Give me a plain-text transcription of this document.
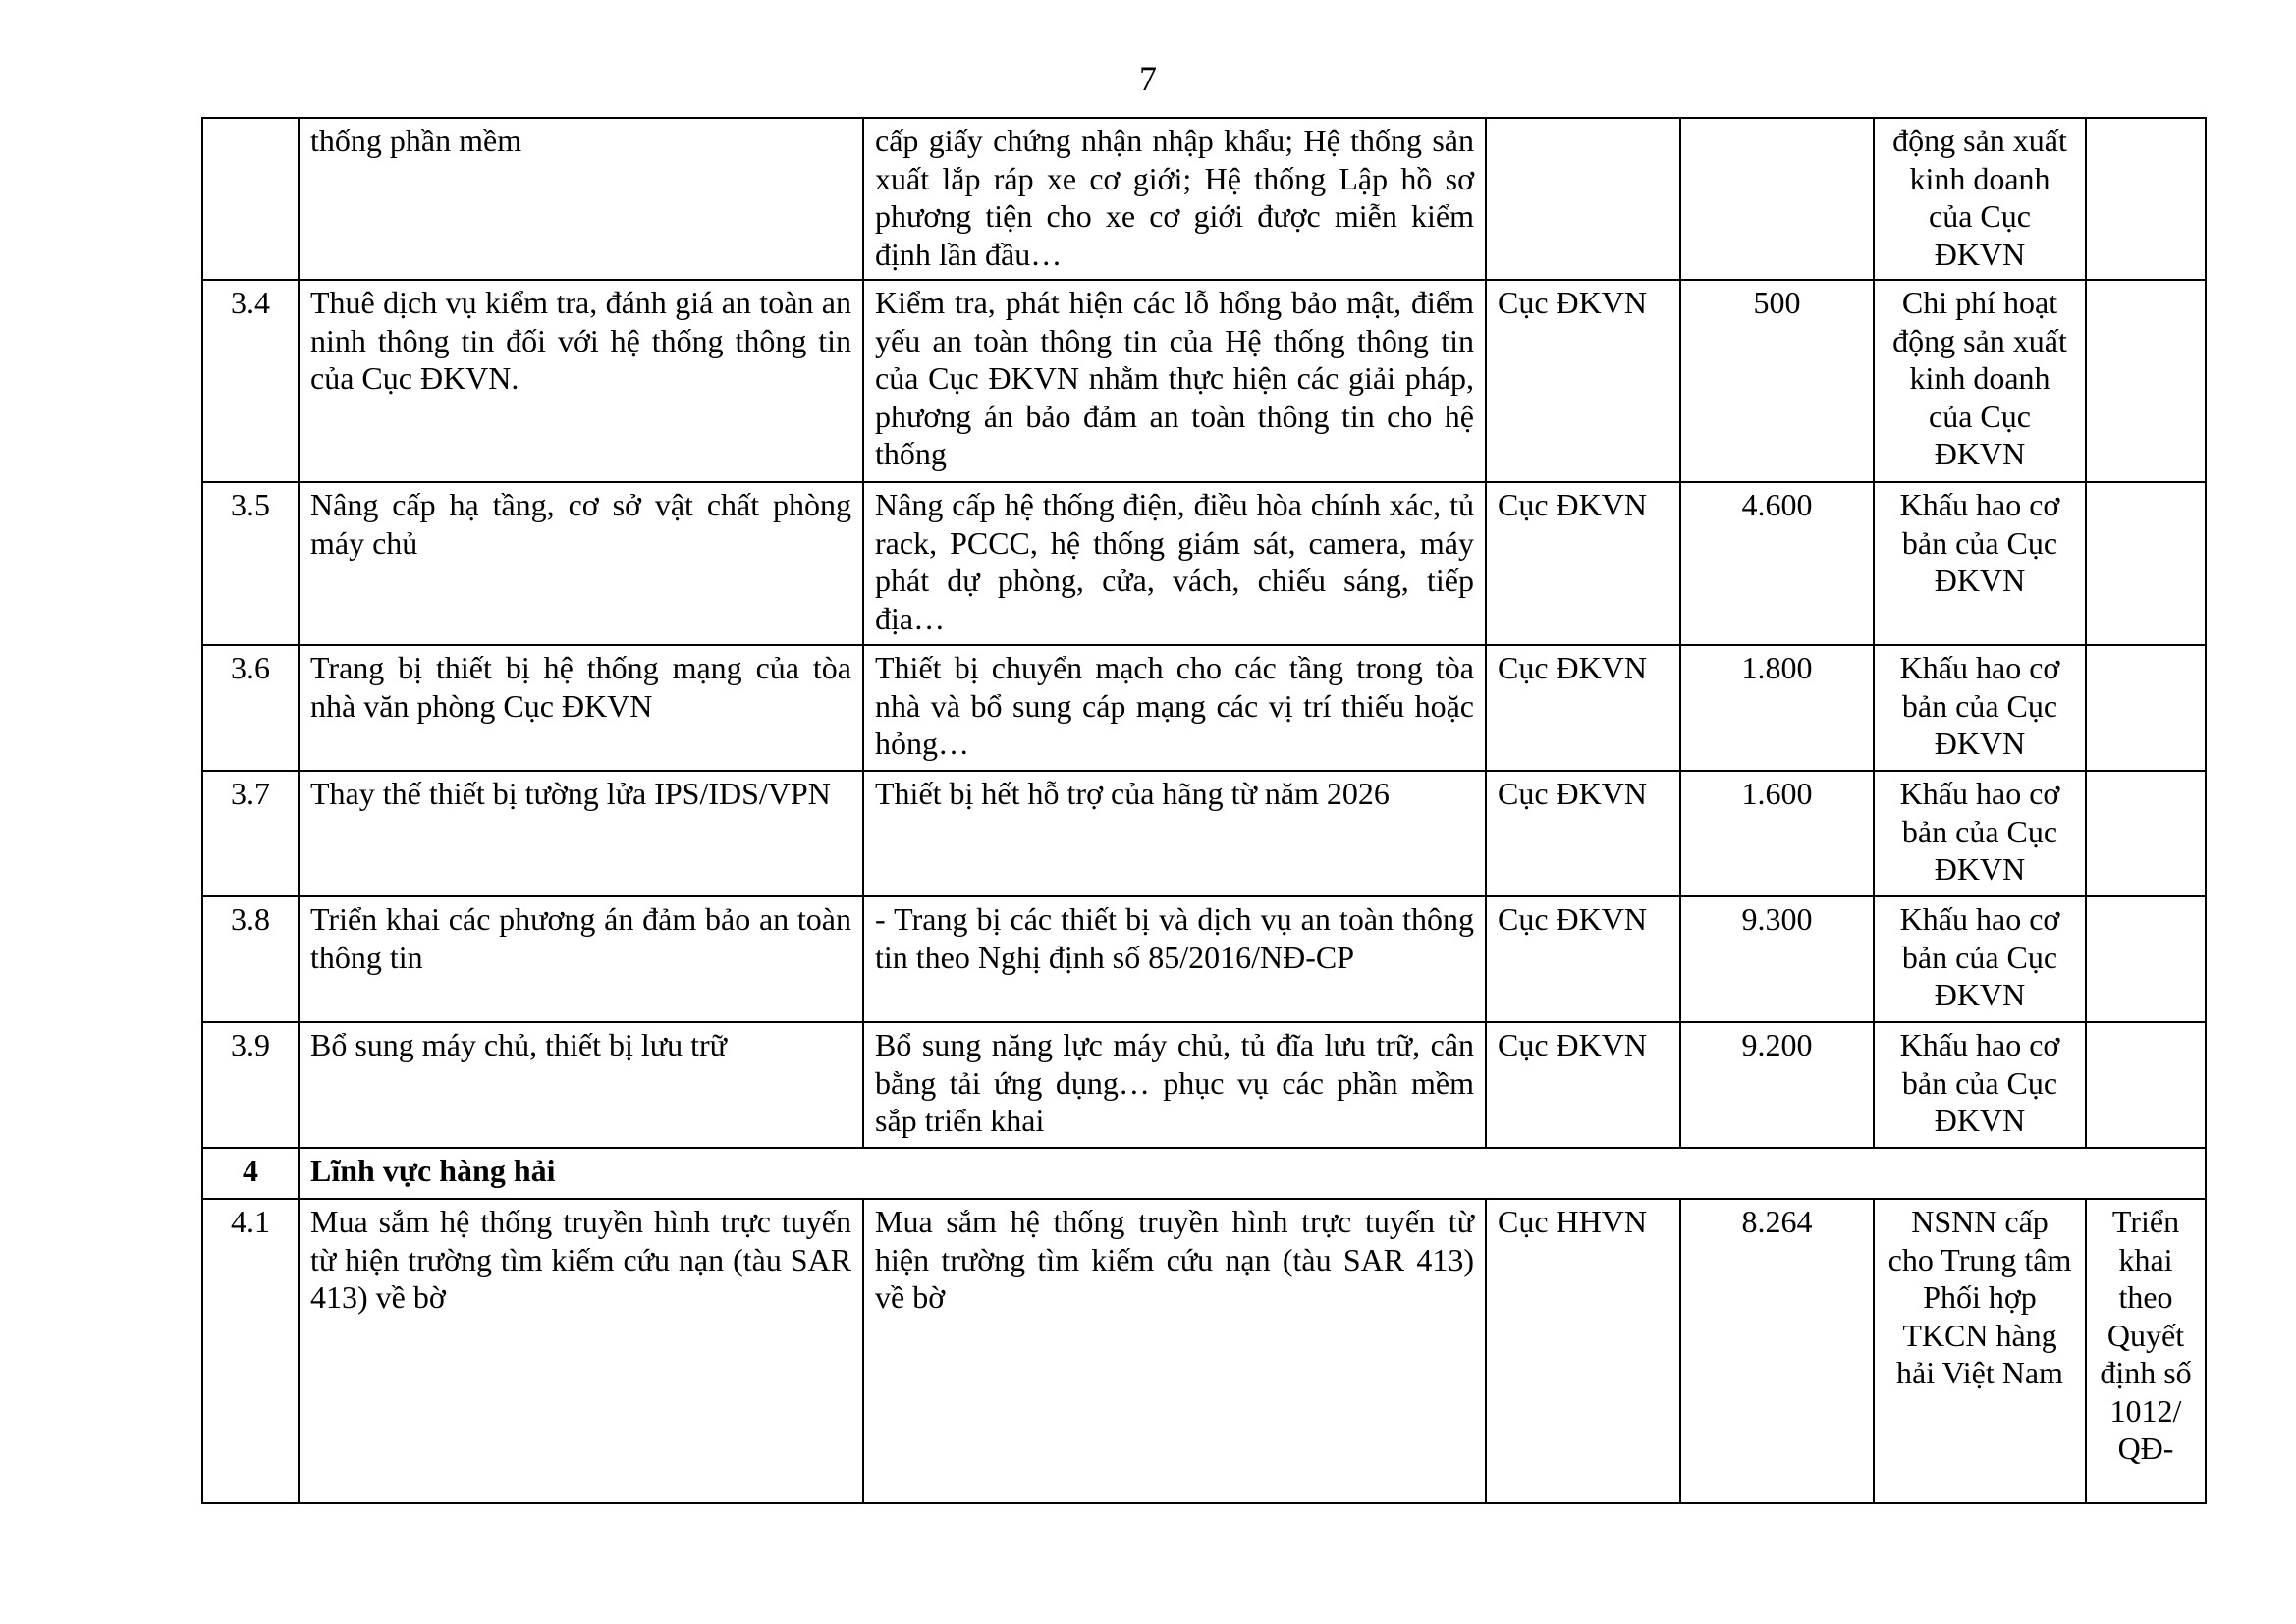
7
	thống phần mềm	cấp giấy chứng nhận nhập khẩu; Hệ thống sản xuất lắp ráp xe cơ giới; Hệ thống Lập hồ sơ phương tiện cho xe cơ giới được miễn kiểm định lần đầu…			động sản xuất kinh doanh của Cục ĐKVN	
3.4	Thuê dịch vụ kiểm tra, đánh giá an toàn an ninh thông tin đối với hệ thống thông tin của Cục ĐKVN.	Kiểm tra, phát hiện các lỗ hổng bảo mật, điểm yếu an toàn thông tin của Hệ thống thông tin của Cục ĐKVN nhằm thực hiện các giải pháp, phương án bảo đảm an toàn thông tin cho hệ thống	Cục ĐKVN	500	Chi phí hoạt động sản xuất kinh doanh của Cục ĐKVN	
3.5	Nâng cấp hạ tầng, cơ sở vật chất phòng máy chủ	Nâng cấp hệ thống điện, điều hòa chính xác, tủ rack, PCCC, hệ thống giám sát, camera, máy phát dự phòng, cửa, vách, chiếu sáng, tiếp địa…	Cục ĐKVN	4.600	Khấu hao cơ bản của Cục ĐKVN	
3.6	Trang bị thiết bị hệ thống mạng của tòa nhà văn phòng Cục ĐKVN	Thiết bị chuyển mạch cho các tầng trong tòa nhà và bổ sung cáp mạng các vị trí thiếu hoặc hỏng…	Cục ĐKVN	1.800	Khấu hao cơ bản của Cục ĐKVN	
3.7	Thay thế thiết bị tường lửa IPS/IDS/VPN	Thiết bị hết hỗ trợ của hãng từ năm 2026	Cục ĐKVN	1.600	Khấu hao cơ bản của Cục ĐKVN	
3.8	Triển khai các phương án đảm bảo an toàn thông tin	- Trang bị các thiết bị và dịch vụ an toàn thông tin theo Nghị định số 85/2016/NĐ-CP	Cục ĐKVN	9.300	Khấu hao cơ bản của Cục ĐKVN	
3.9	Bổ sung máy chủ, thiết bị lưu trữ	Bổ sung năng lực máy chủ, tủ đĩa lưu trữ, cân bằng tải ứng dụng… phục vụ các phần mềm sắp triển khai	Cục ĐKVN	9.200	Khấu hao cơ bản của Cục ĐKVN	
4	Lĩnh vực hàng hải					
4.1	Mua sắm hệ thống truyền hình trực tuyến từ hiện trường tìm kiếm cứu nạn (tàu SAR 413) về bờ	Mua sắm hệ thống truyền hình trực tuyến từ hiện trường tìm kiếm cứu nạn (tàu SAR 413) về bờ	Cục HHVN	8.264	NSNN cấp cho Trung tâm Phối hợp TKCN hàng hải Việt Nam	Triển khai theo Quyết định số 1012/ QĐ-
